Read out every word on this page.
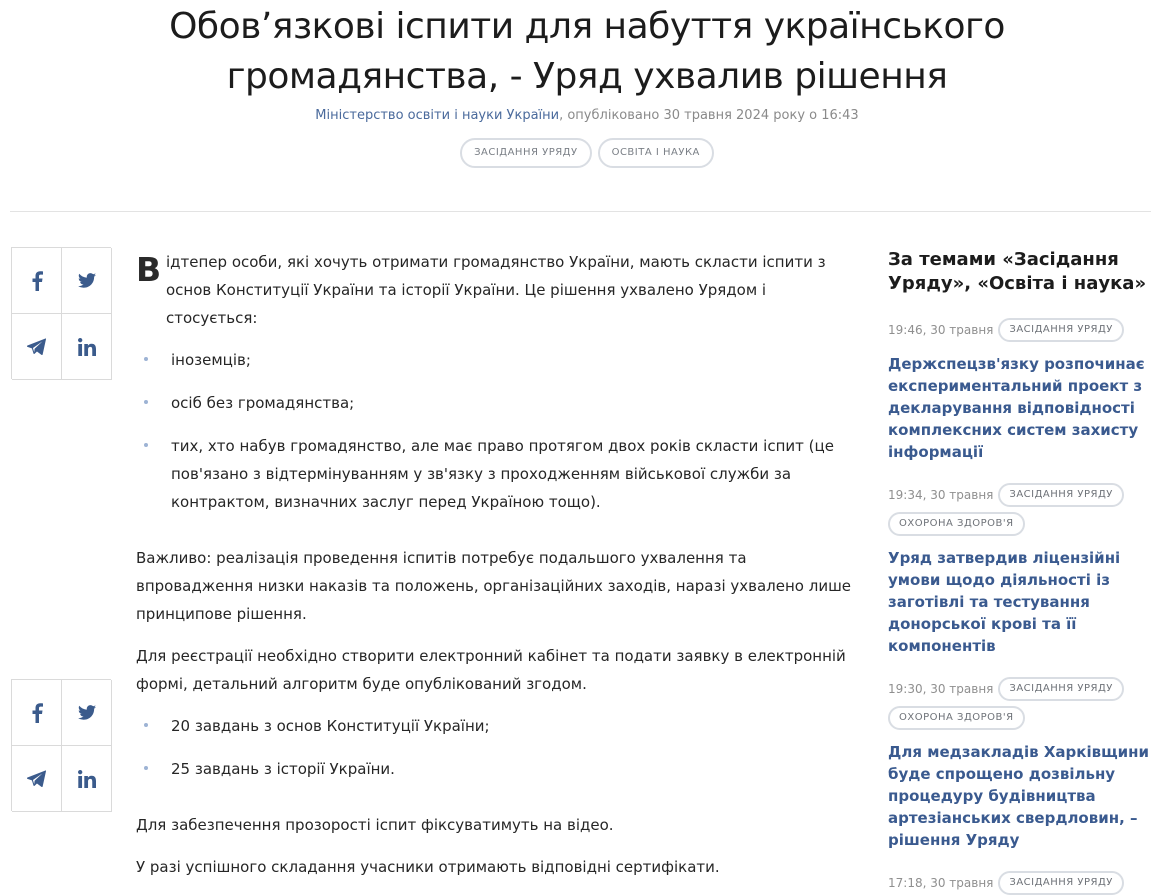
Обов’язкові іспити для набуття українського громадянства, - Уряд ухвалив рішення
Міністерство освіти і науки України, опубліковано 30 травня 2024 року о 16:43
ЗАСІДАННЯ УРЯДУ	ОСВІТА І НАУКА

В ідтепер особи, які хочуть отримати громадянство України, мають скласти іспити з основ Конституції України та історії України. Це рішення ухвалено Урядом і стосується:

іноземців;
осіб без громадянства;
тих, хто набув громадянство, але має право протягом двох років скласти іспит (це пов'язано з відтермінуванням у зв'язку з проходженням військової служби за контрактом, визначних заслуг перед Україною тощо).

Важливо: реалізація проведення іспитів потребує подальшого ухвалення та впровадження низки наказів та положень, організаційних заходів, наразі ухвалено лише принципове рішення.

Для реєстрації необхідно створити електронний кабінет та подати заявку в електронній формі, детальний алгоритм буде опублікований згодом.

20 завдань з основ Конституції України;
25 завдань з історії України.

Для забезпечення прозорості іспит фіксуватимуть на відео.

У разі успішного складання учасники отримають відповідні сертифікати.

За темами «Засідання Уряду», «Освіта і наука»
19:46, 30 травня	ЗАСІДАННЯ УРЯДУ
Держспецзв'язку розпочинає експериментальний проект з декларування відповідності комплексних систем захисту інформації
19:34, 30 травня	ЗАСІДАННЯ УРЯДУ
ОХОРОНА ЗДОРОВ'Я
Уряд затвердив ліцензійні умови щодо діяльності із заготівлі та тестування донорської крові та її компонентів
19:30, 30 травня	ЗАСІДАННЯ УРЯДУ
ОХОРОНА ЗДОРОВ'Я
Для медзакладів Харківщини буде спрощено дозвільну процедуру будівництва артезіанських свердловин, – рішення Уряду
17:18, 30 травня	ЗАСІДАННЯ УРЯДУ
